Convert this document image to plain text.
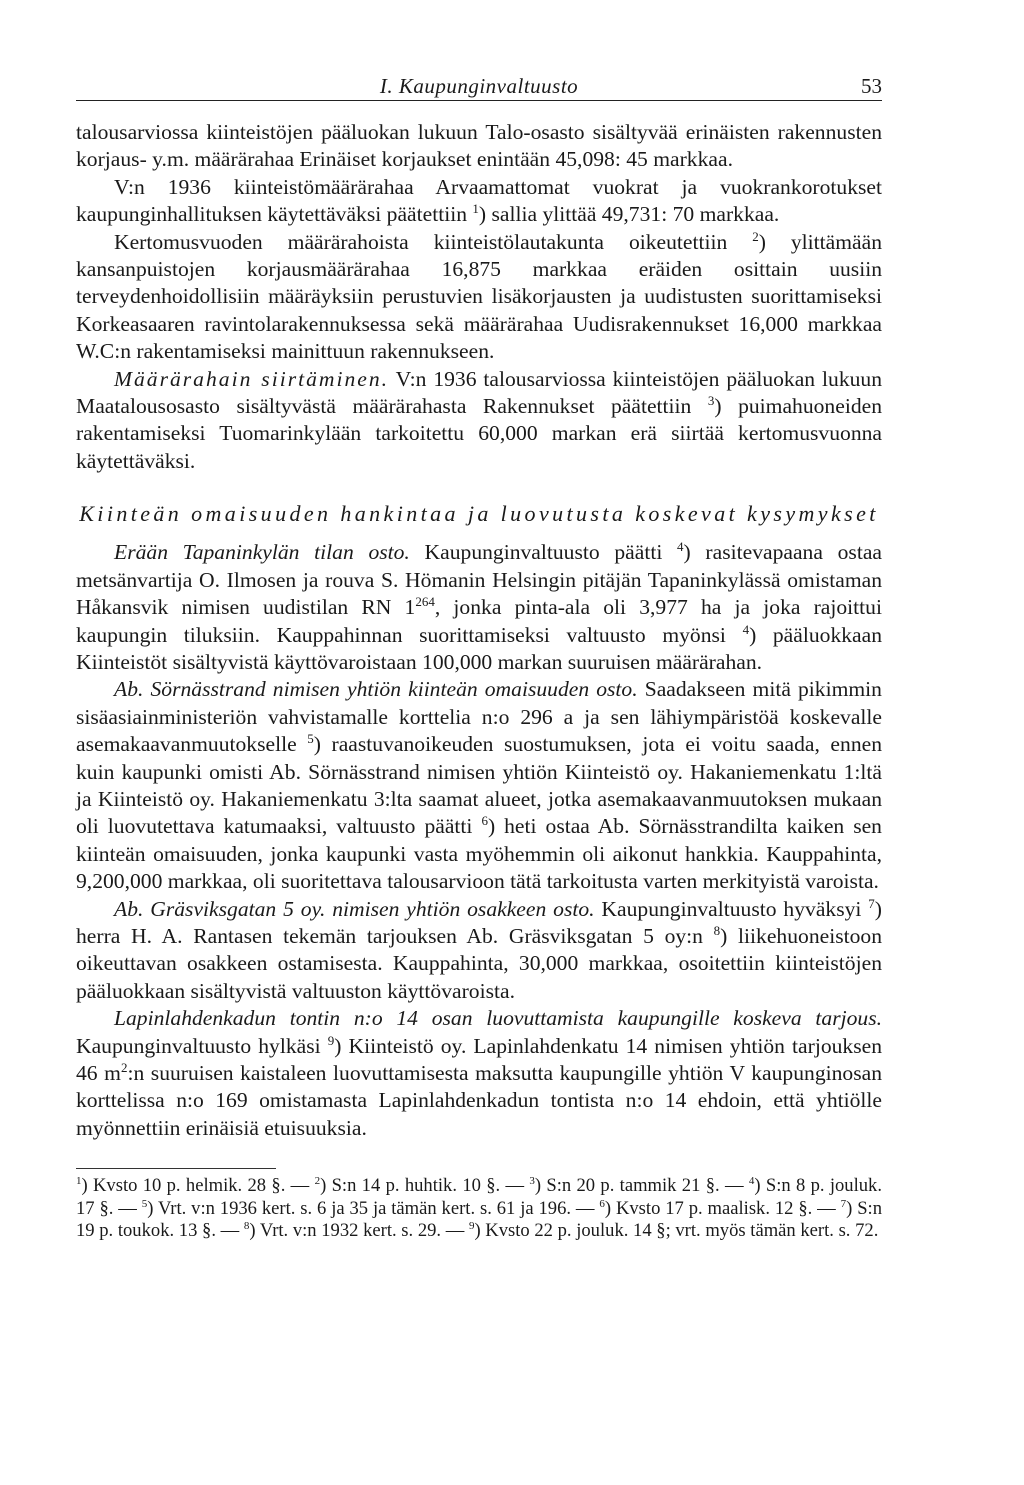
I. Kaupunginvaltuusto	53

talousarviossa kiinteistöjen pääluokan lukuun Talo-osasto sisältyvää erinäisten rakennusten korjaus- y.m. määrärahaa Erinäiset korjaukset enintään 45,098: 45 markkaa.

V:n 1936 kiinteistömäärärahaa Arvaamattomat vuokrat ja vuokrankorotukset kaupunginhallituksen käytettäväksi päätettiin $^1$) sallia ylittää 49,731: 70 markkaa.

Kertomusvuoden määrärahoista kiinteistölautakunta oikeutettiin $^2$) ylittämään kansanpuistojen korjausmäärärahaa 16,875 markkaa eräiden osittain uusiin terveydenhoidollisiin määräyksiin perustuvien lisäkorjausten ja uudistusten suorittamiseksi Korkeasaaren ravintolarakennuksessa sekä määrärahaa Uudisrakennukset 16,000 markkaa W.C:n rakentamiseksi mainittuun rakennukseen.

Määrärahain siirtäminen. V:n 1936 talousarviossa kiinteistöjen pääluokan lukuun Maatalousosasto sisältyvästä määrärahasta Rakennukset päätettiin $^3$) puimahuoneiden rakentamiseksi Tuomarinkylään tarkoitettu 60,000 markan erä siirtää kertomusvuonna käytettäväksi.

Kiinteän omaisuuden hankintaa ja luovutusta koskevat kysymykset

Erään Tapaninkylän tilan osto. Kaupunginvaltuusto päätti $^4$) rasitevapaana ostaa metsänvartija O. Ilmosen ja rouva S. Hömanin Helsingin pitäjän Tapaninkylässä omistaman Håkansvik nimisen uudistilan RN $1^{264}$, jonka pinta-ala oli 3,977 ha ja joka rajoittui kaupungin tiluksiin. Kauppahinnan suorittamiseksi valtuusto myönsi $^4$) pääluokkaan Kiinteistöt sisältyvistä käyttövaroistaan 100,000 markan suuruisen määrärahan.

Ab. Sörnässtrand nimisen yhtiön kiinteän omaisuuden osto. Saadakseen mitä pikimmin sisäasiainministeriön vahvistamalle korttelia n:o 296 a ja sen lähiympäristöä koskevalle asemakaavanmuutokselle $^5$) raastuvanoikeuden suostumuksen, jota ei voitu saada, ennen kuin kaupunki omisti Ab. Sörnässtrand nimisen yhtiön Kiinteistö oy. Hakaniemenkatu 1:ltä ja Kiinteistö oy. Hakaniemenkatu 3:lta saamat alueet, jotka asemakaavanmuutoksen mukaan oli luovutettava katumaaksi, valtuusto päätti $^6$) heti ostaa Ab. Sörnässtrandilta kaiken sen kiinteän omaisuuden, jonka kaupunki vasta myöhemmin oli aikonut hankkia. Kauppahinta, 9,200,000 markkaa, oli suoritettava talousarvioon tätä tarkoitusta varten merkityistä varoista.

Ab. Gräsviksgatan 5 oy. nimisen yhtiön osakkeen osto. Kaupunginvaltuusto hyväksyi $^7$) herra H. A. Rantasen tekemän tarjouksen Ab. Gräsviksgatan 5 oy:n $^8$) liikehuoneistoon oikeuttavan osakkeen ostamisesta. Kauppahinta, 30,000 markkaa, osoitettiin kiinteistöjen pääluokkaan sisältyvistä valtuuston käyttövaroista.

Lapinlahdenkadun tontin n:o 14 osan luovuttamista kaupungille koskeva tarjous. Kaupunginvaltuusto hylkäsi $^9$) Kiinteistö oy. Lapinlahdenkatu 14 nimisen yhtiön tarjouksen 46 $m^2:n$ suuruisen kaistaleen luovuttamisesta maksutta kaupungille yhtiön V kaupunginosan korttelissa n:o 169 omistamasta Lapinlahdenkadun tontista n:o 14 ehdoin, että yhtiölle myönnettiin erinäisiä etuisuuksia.

$^1$) Kvsto 10 p. helmik. 28 §. — $^2$) S:n 14 p. huhtik. 10 §. — $^3$) S:n 20 p. tammik 21 §. — $^4$) S:n 8 p. jouluk. 17 §. — $^5$) Vrt. v:n 1936 kert. s. 6 ja 35 ja tämän kert. s. 61 ja 196. — $^6$) Kvsto 17 p. maalisk. 12 §. — $^7$) S:n 19 p. toukok. 13 §. — $^8$) Vrt. v:n 1932 kert. s. 29. — $^9$) Kvsto 22 p. jouluk. 14 §; vrt. myös tämän kert. s. 72.
